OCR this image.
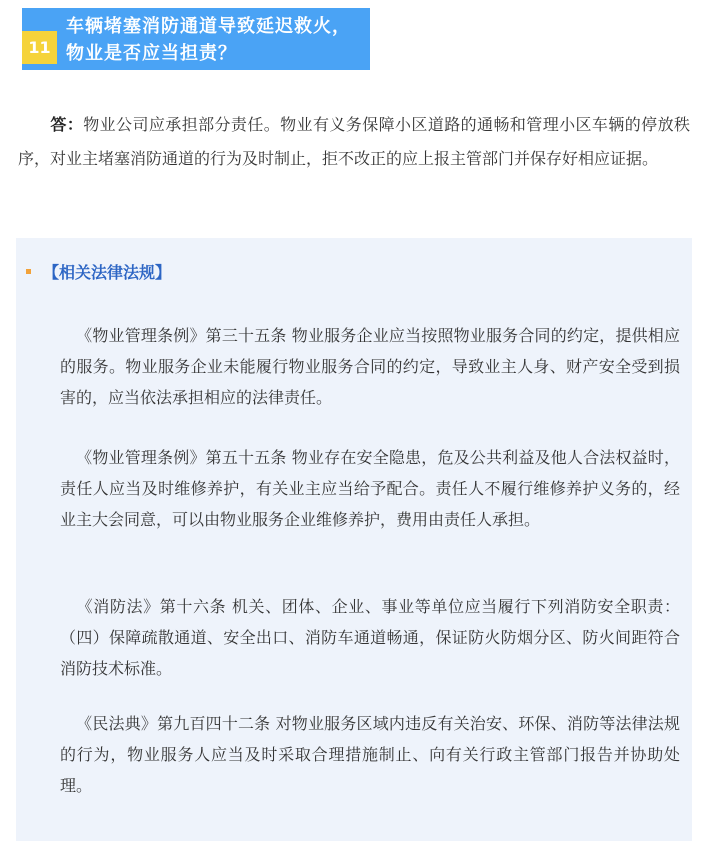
11
车辆堵塞消防通道导致延迟救火，物业是否应当担责？
答：物业公司应承担部分责任。物业有义务保障小区道路的通畅和管理小区车辆的停放秩序，对业主堵塞消防通道的行为及时制止，拒不改正的应上报主管部门并保存好相应证据。
【相关法律法规】
《物业管理条例》第三十五条 物业服务企业应当按照物业服务合同的约定，提供相应的服务。物业服务企业未能履行物业服务合同的约定，导致业主人身、财产安全受到损害的，应当依法承担相应的法律责任。
《物业管理条例》第五十五条 物业存在安全隐患，危及公共利益及他人合法权益时，责任人应当及时维修养护，有关业主应当给予配合。责任人不履行维修养护义务的，经业主大会同意，可以由物业服务企业维修养护，费用由责任人承担。
《消防法》第十六条 机关、团体、企业、事业等单位应当履行下列消防安全职责：（四）保障疏散通道、安全出口、消防车通道畅通，保证防火防烟分区、防火间距符合消防技术标准。
《民法典》第九百四十二条 对物业服务区域内违反有关治安、环保、消防等法律法规的行为，物业服务人应当及时采取合理措施制止、向有关行政主管部门报告并协助处理。
